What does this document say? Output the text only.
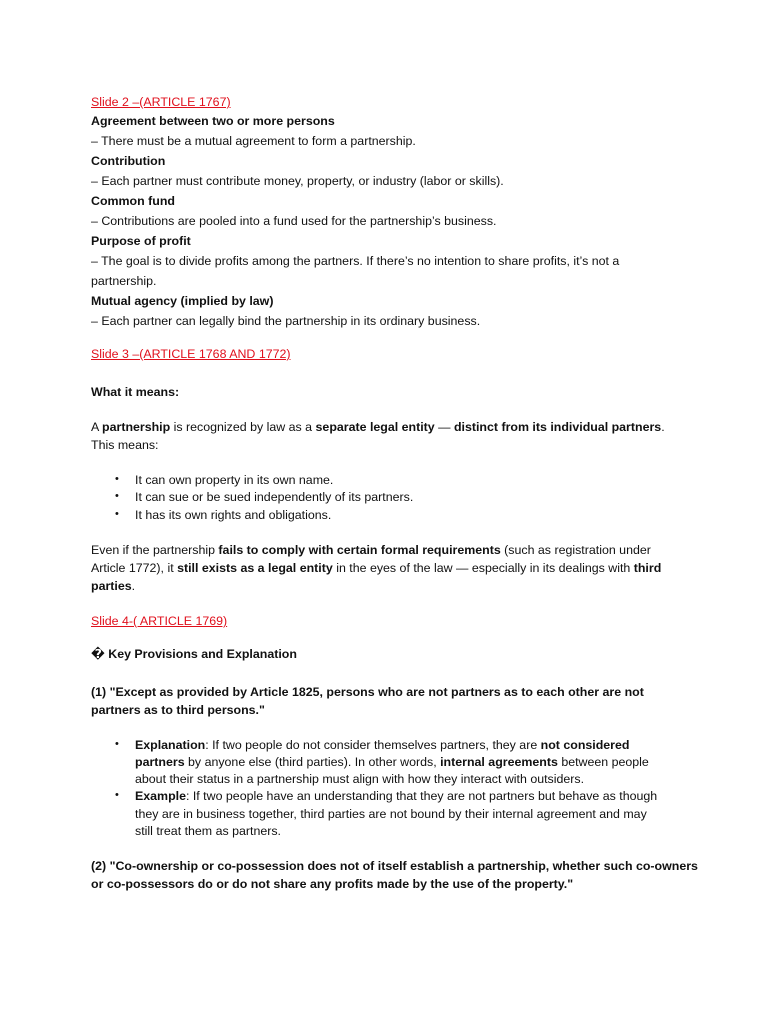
Slide 2 –(ARTICLE 1767)
Agreement between two or more persons
– There must be a mutual agreement to form a partnership.
Contribution
– Each partner must contribute money, property, or industry (labor or skills).
Common fund
– Contributions are pooled into a fund used for the partnership’s business.
Purpose of profit
– The goal is to divide profits among the partners. If there’s no intention to share profits, it’s not a
partnership.
Mutual agency (implied by law)
– Each partner can legally bind the partnership in its ordinary business.
Slide 3 –(ARTICLE 1768 AND 1772)
What it means:
A partnership is recognized by law as a separate legal entity — distinct from its individual partners.
This means:
•	It can own property in its own name.
•	It can sue or be sued independently of its partners.
•	It has its own rights and obligations.
Even if the partnership fails to comply with certain formal requirements (such as registration under
Article 1772), it still exists as a legal entity in the eyes of the law — especially in its dealings with third
parties.
Slide 4-( ARTICLE 1769)
� Key Provisions and Explanation
(1) "Except as provided by Article 1825, persons who are not partners as to each other are not
partners as to third persons."
•	Explanation: If two people do not consider themselves partners, they are not considered
partners by anyone else (third parties). In other words, internal agreements between people
about their status in a partnership must align with how they interact with outsiders.
•	Example: If two people have an understanding that they are not partners but behave as though
they are in business together, third parties are not bound by their internal agreement and may
still treat them as partners.
(2) "Co-ownership or co-possession does not of itself establish a partnership, whether such co-owners
or co-possessors do or do not share any profits made by the use of the property."
